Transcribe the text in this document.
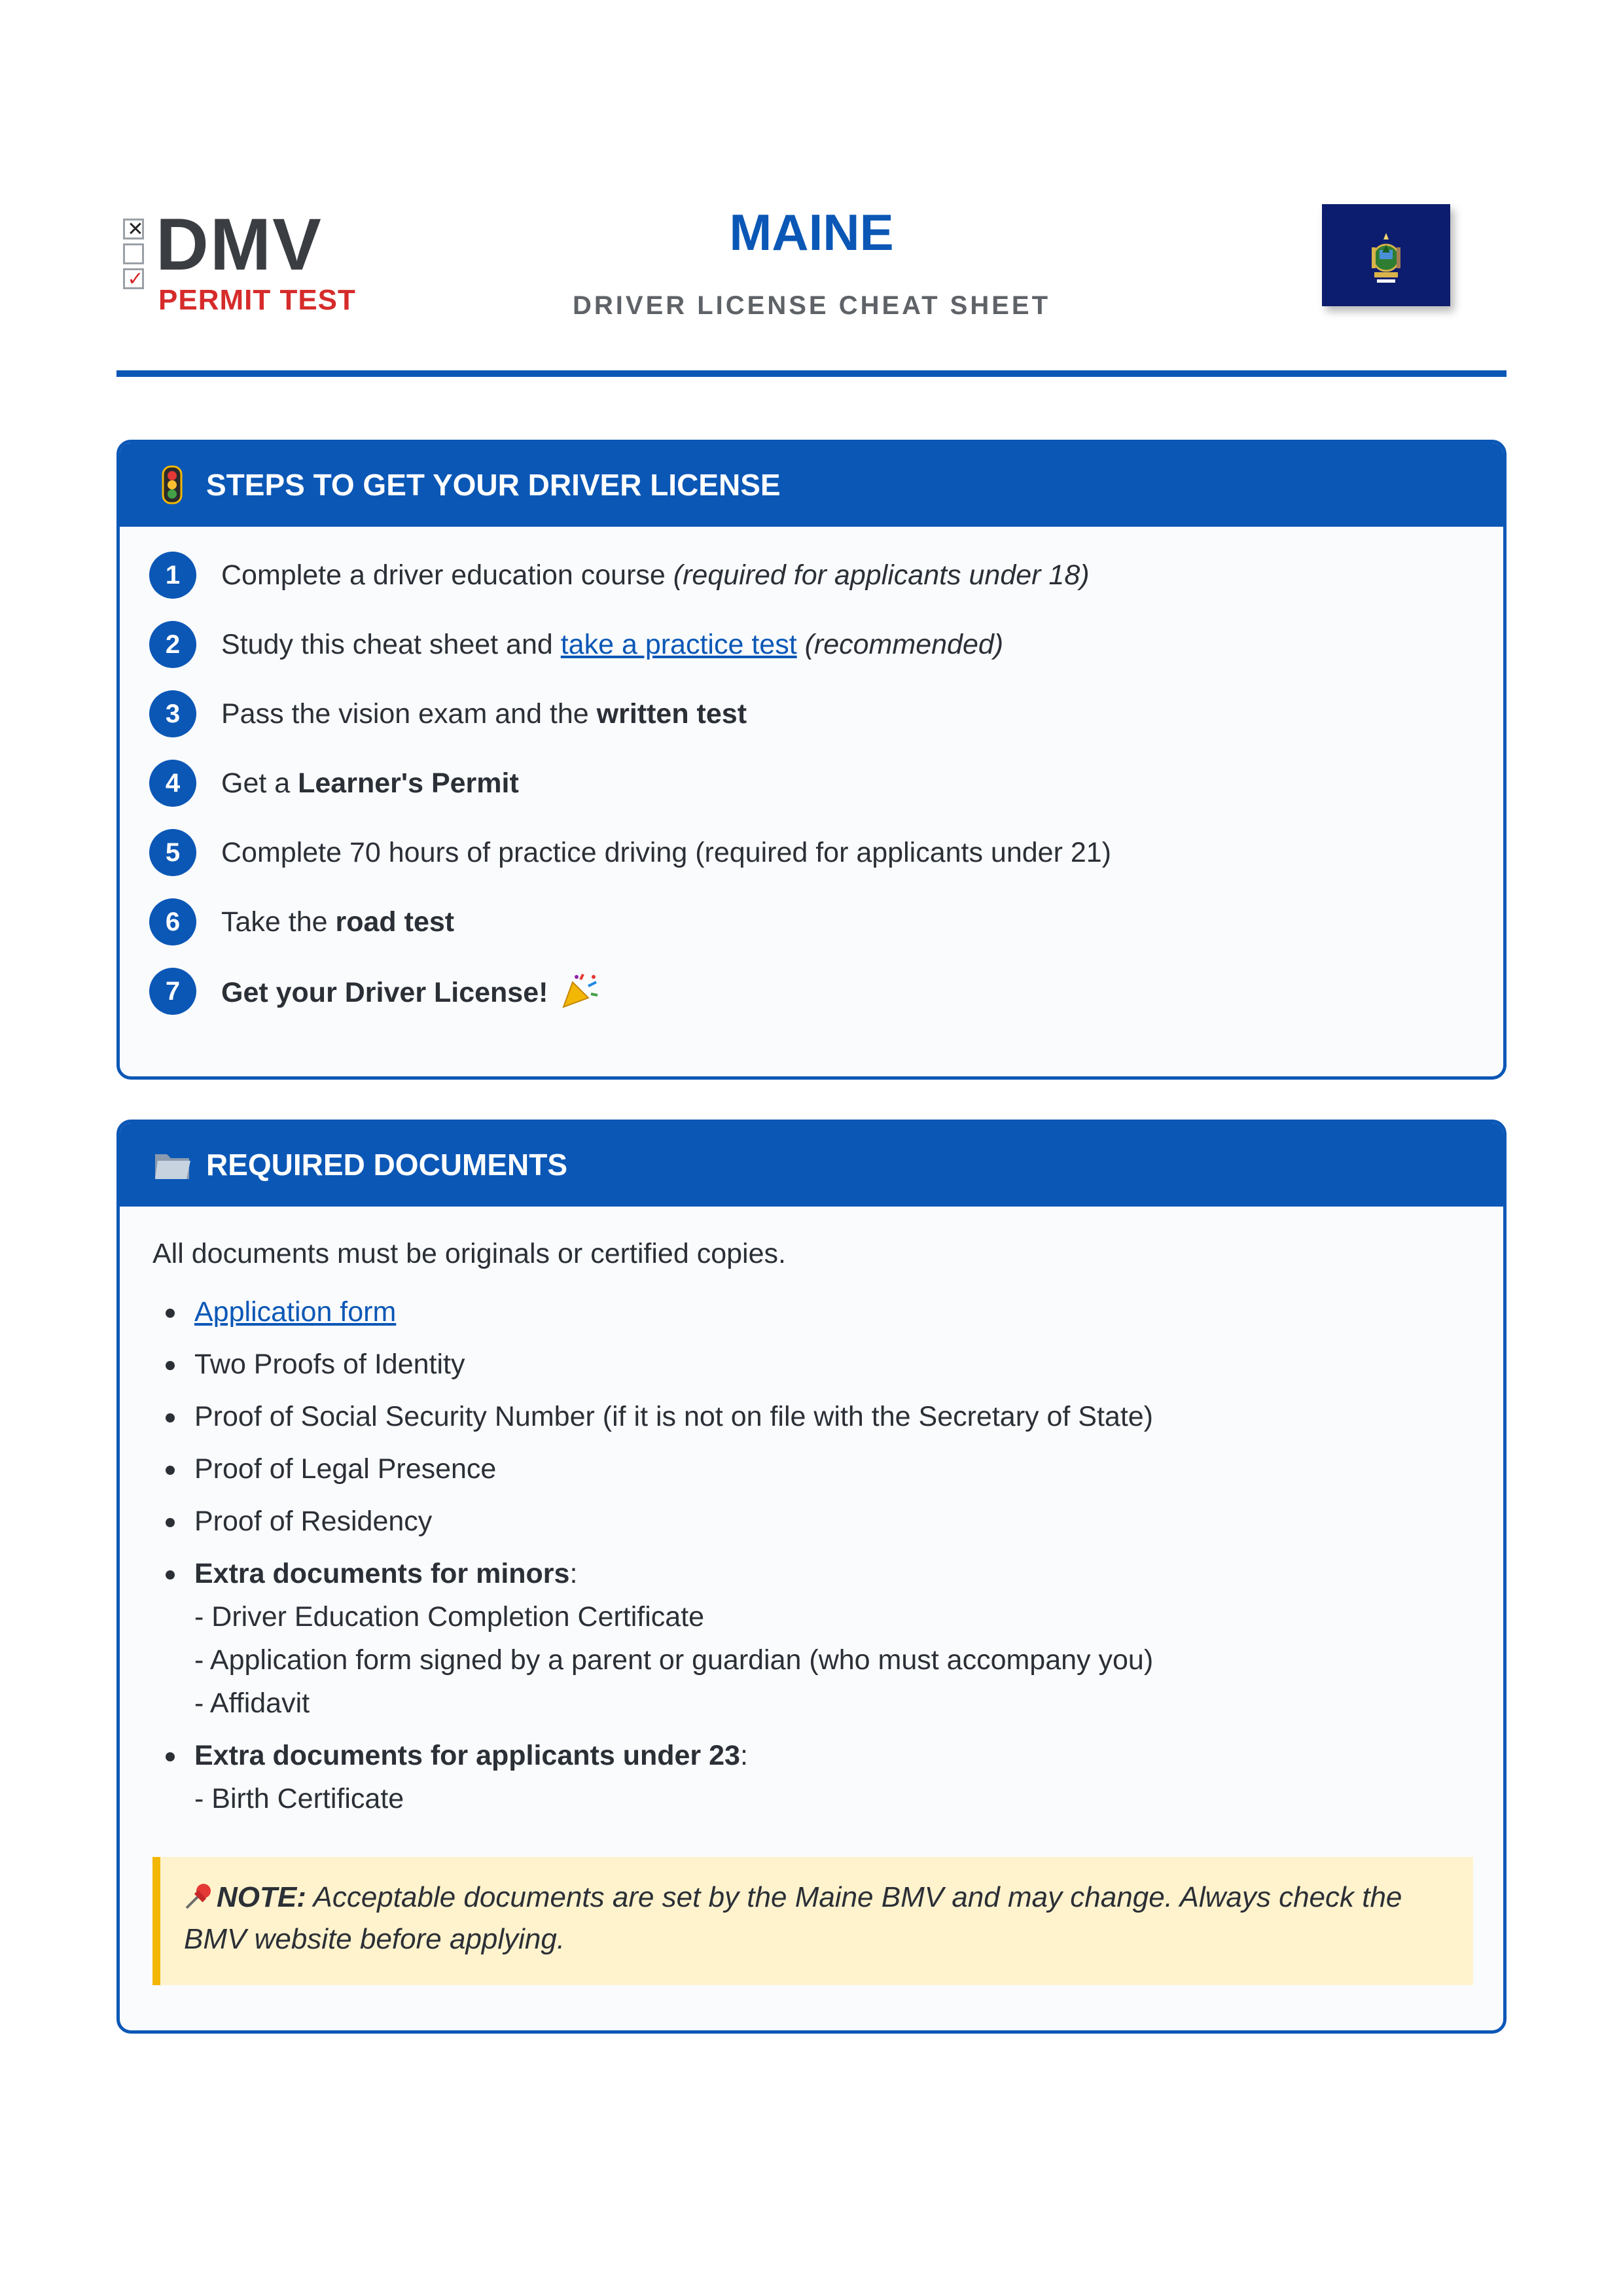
✕
✓ DMV
PERMIT TEST
MAINE
DRIVER LICENSE CHEAT SHEET
STEPS TO GET YOUR DRIVER LICENSE
1	Complete a driver education course (required for applicants under 18)
2	Study this cheat sheet and take a practice test (recommended)
3	Pass the vision exam and the written test
4	Get a Learner's Permit
5	Complete 70 hours of practice driving (required for applicants under 21)
6	Take the road test
7	Get your Driver License!
REQUIRED DOCUMENTS
All documents must be originals or certified copies.
Application form
Two Proofs of Identity
Proof of Social Security Number (if it is not on file with the Secretary of State)
Proof of Legal Presence
Proof of Residency
Extra documents for minors:
- Driver Education Completion Certificate
- Application form signed by a parent or guardian (who must accompany you)
- Affidavit
Extra documents for applicants under 23:
- Birth Certificate
NOTE: Acceptable documents are set by the Maine BMV and may change. Always check the BMV website before applying.
